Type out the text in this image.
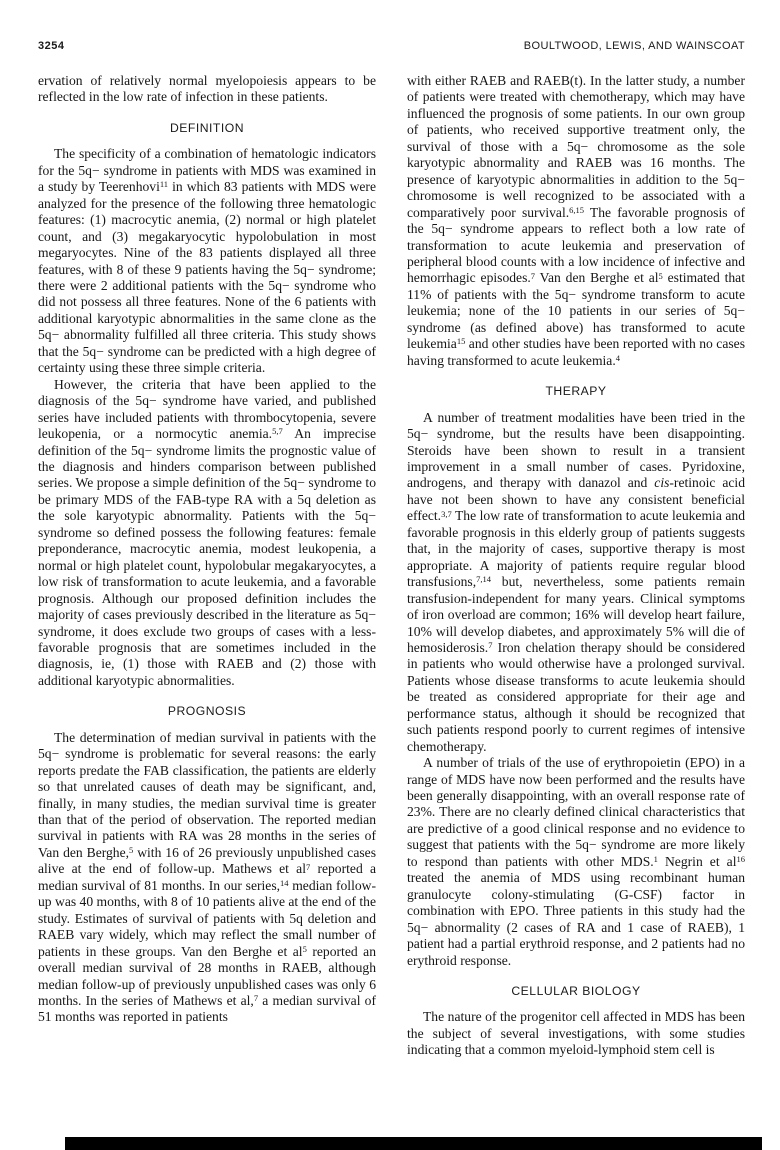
3254	BOULTWOOD, LEWIS, AND WAINSCOAT

ervation of relatively normal myelopoiesis appears to be reflected in the low rate of infection in these patients.

DEFINITION

The specificity of a combination of hematologic indicators for the 5q− syndrome in patients with MDS was examined in a study by Teerenhovi$^{11}$ in which 83 patients with MDS were analyzed for the presence of the following three hematologic features: (1) macrocytic anemia, (2) normal or high platelet count, and (3) megakaryocytic hypolobulation in most megaryocytes. Nine of the 83 patients displayed all three features, with 8 of these 9 patients having the 5q− syndrome; there were 2 additional patients with the 5q− syndrome who did not possess all three features. None of the 6 patients with additional karyotypic abnormalities in the same clone as the 5q− abnormality fulfilled all three criteria. This study shows that the 5q− syndrome can be predicted with a high degree of certainty using these three simple criteria.

However, the criteria that have been applied to the diagnosis of the 5q− syndrome have varied, and published series have included patients with thrombocytopenia, severe leukopenia, or a normocytic anemia.$^{5,7}$ An imprecise definition of the 5q− syndrome limits the prognostic value of the diagnosis and hinders comparison between published series. We propose a simple definition of the 5q− syndrome to be primary MDS of the FAB-type RA with a 5q deletion as the sole karyotypic abnormality. Patients with the 5q− syndrome so defined possess the following features: female preponderance, macrocytic anemia, modest leukopenia, a normal or high platelet count, hypolobular megakaryocytes, a low risk of transformation to acute leukemia, and a favorable prognosis. Although our proposed definition includes the majority of cases previously described in the literature as 5q− syndrome, it does exclude two groups of cases with a less-favorable prognosis that are sometimes included in the diagnosis, ie, (1) those with RAEB and (2) those with additional karyotypic abnormalities.

PROGNOSIS

The determination of median survival in patients with the 5q− syndrome is problematic for several reasons: the early reports predate the FAB classification, the patients are elderly so that unrelated causes of death may be significant, and, finally, in many studies, the median survival time is greater than that of the period of observation. The reported median survival in patients with RA was 28 months in the series of Van den Berghe,$^5$ with 16 of 26 previously unpublished cases alive at the end of follow-up. Mathews et $al^7$ reported a median survival of 81 months. In our series,$^{14}$ median follow-up was 40 months, with 8 of 10 patients alive at the end of the study. Estimates of survival of patients with 5q deletion and RAEB vary widely, which may reflect the small number of patients in these groups. Van den Berghe et $al^5$ reported an overall median survival of 28 months in RAEB, although median follow-up of previously unpublished cases was only 6 months. In the series of Mathews et al,$^7$ a median survival of 51 months was reported in patients

with either RAEB and RAEB(t). In the latter study, a number of patients were treated with chemotherapy, which may have influenced the prognosis of some patients. In our own group of patients, who received supportive treatment only, the survival of those with a 5q− chromosome as the sole karyotypic abnormality and RAEB was 16 months. The presence of karyotypic abnormalities in addition to the 5q− chromosome is well recognized to be associated with a comparatively poor survival.$^{6,15}$ The favorable prognosis of the 5q− syndrome appears to reflect both a low rate of transformation to acute leukemia and preservation of peripheral blood counts with a low incidence of infective and hemorrhagic episodes.$^7$ Van den Berghe et $al^5$ estimated that 11% of patients with the 5q− syndrome transform to acute leukemia; none of the 10 patients in our series of 5q− syndrome (as defined above) has transformed to acute leukemia$^{15}$ and other studies have been reported with no cases having transformed to acute leukemia.$^4$

THERAPY

A number of treatment modalities have been tried in the 5q− syndrome, but the results have been disappointing. Steroids have been shown to result in a transient improvement in a small number of cases. Pyridoxine, androgens, and therapy with danazol and cis-retinoic acid have not been shown to have any consistent beneficial effect.$^{3,7}$ The low rate of transformation to acute leukemia and favorable prognosis in this elderly group of patients suggests that, in the majority of cases, supportive therapy is most appropriate. A majority of patients require regular blood transfusions,$^{7,14}$ but, nevertheless, some patients remain transfusion-independent for many years. Clinical symptoms of iron overload are common; 16% will develop heart failure, 10% will develop diabetes, and approximately 5% will die of hemosiderosis.$^7$ Iron chelation therapy should be considered in patients who would otherwise have a prolonged survival. Patients whose disease transforms to acute leukemia should be treated as considered appropriate for their age and performance status, although it should be recognized that such patients respond poorly to current regimes of intensive chemotherapy.

A number of trials of the use of erythropoietin (EPO) in a range of MDS have now been performed and the results have been generally disappointing, with an overall response rate of 23%. There are no clearly defined clinical characteristics that are predictive of a good clinical response and no evidence to suggest that patients with the 5q− syndrome are more likely to respond than patients with other MDS.$^1$ Negrin et $al^{16}$ treated the anemia of MDS using recombinant human granulocyte colony-stimulating (G-CSF) factor in combination with EPO. Three patients in this study had the 5q− abnormality (2 cases of RA and 1 case of RAEB), 1 patient had a partial erythroid response, and 2 patients had no erythroid response.

CELLULAR BIOLOGY

The nature of the progenitor cell affected in MDS has been the subject of several investigations, with some studies indicating that a common myeloid-lymphoid stem cell is
